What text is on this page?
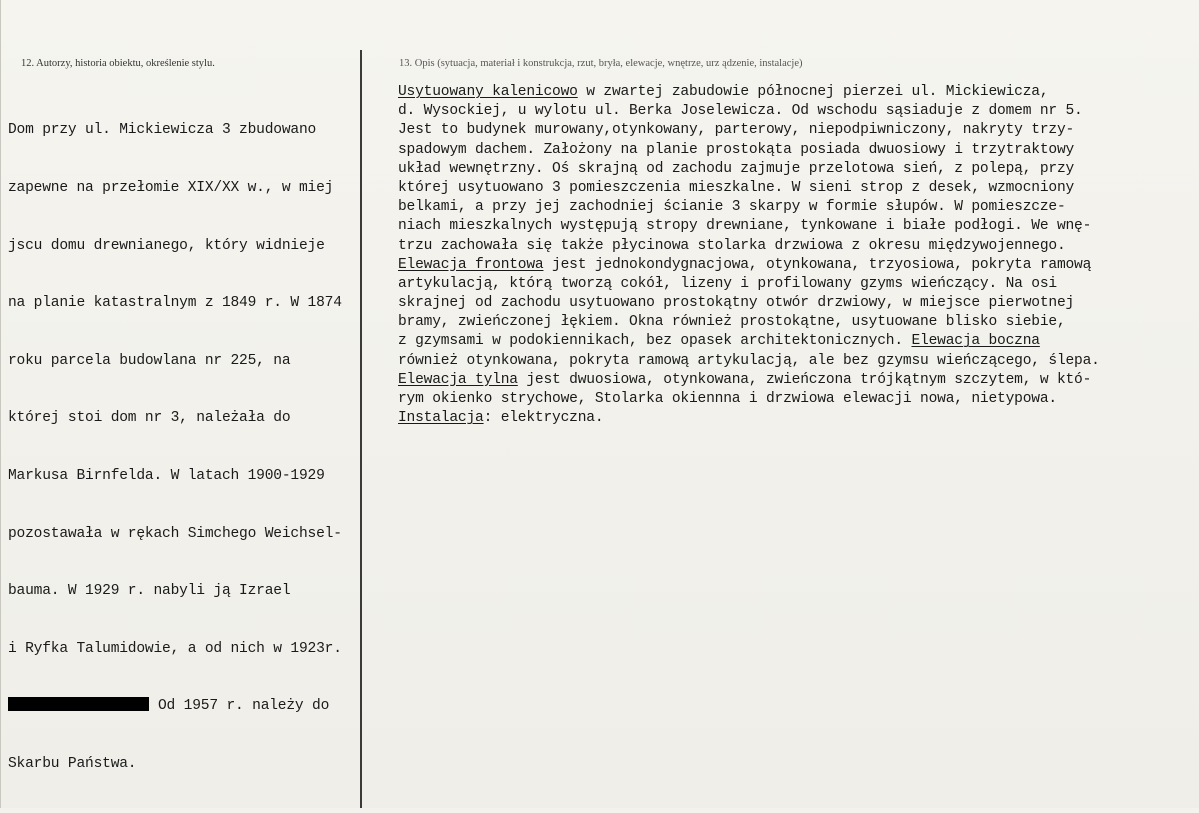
12. Autorzy, historia obiektu, określenie stylu.	13. Opis (sytuacja, materiał i konstrukcja, rzut, bryła, elewacje, wnętrze, urz ądzenie, instalacje)

Dom przy ul. Mickiewicza 3 zbudowano

zapewne na przełomie XIX/XX w., w miej

jscu domu drewnianego, który widnieje

na planie katastralnym z 1849 r. W 1874

roku parcela budowlana nr 225, na

której stoi dom nr 3, należała do

Markusa Birnfelda. W latach 1900-1929

pozostawała w rękach Simchego Weichsel-

bauma. W 1929 r. nabyli ją Izrael

i Ryfka Talumidowie, a od nich w 1923r.

Od 1957 r. należy do

Skarbu Państwa.

Usytuowany kalenicowo w zwartej zabudowie północnej pierzei ul. Mickiewicza,
d. Wysockiej, u wylotu ul. Berka Joselewicza. Od wschodu sąsiaduje z domem nr 5.
Jest to budynek murowany,otynkowany, parterowy, niepodpiwniczony, nakryty trzy-
spadowym dachem. Założony na planie prostokąta posiada dwuosiowy i trzytraktowy
układ wewnętrzny. Oś skrajną od zachodu zajmuje przelotowa sień, z polepą, przy
której usytuowano 3 pomieszczenia mieszkalne. W sieni strop z desek, wzmocniony
belkami, a przy jej zachodniej ścianie 3 skarpy w formie słupów. W pomieszcze-
niach mieszkalnych występują stropy drewniane, tynkowane i białe podłogi. We wnę-
trzu zachowała się także płycinowa stolarka drzwiowa z okresu międzywojennego.
Elewacja frontowa jest jednokondygnacjowa, otynkowana, trzyosiowa, pokryta ramową
artykulacją, którą tworzą cokół, lizeny i profilowany gzyms wieńczący. Na osi
skrajnej od zachodu usytuowano prostokątny otwór drzwiowy, w miejsce pierwotnej
bramy, zwieńczonej łękiem. Okna również prostokątne, usytuowane blisko siebie,
z gzymsami w podokiennikach, bez opasek architektonicznych. Elewacja boczna
również otynkowana, pokryta ramową artykulacją, ale bez gzymsu wieńczącego, ślepa.
Elewacja tylna jest dwuosiowa, otynkowana, zwieńczona trójkątnym szczytem, w któ-
rym okienko strychowe, Stolarka okiennna i drzwiowa elewacji nowa, nietypowa.
Instalacja: elektryczna.
